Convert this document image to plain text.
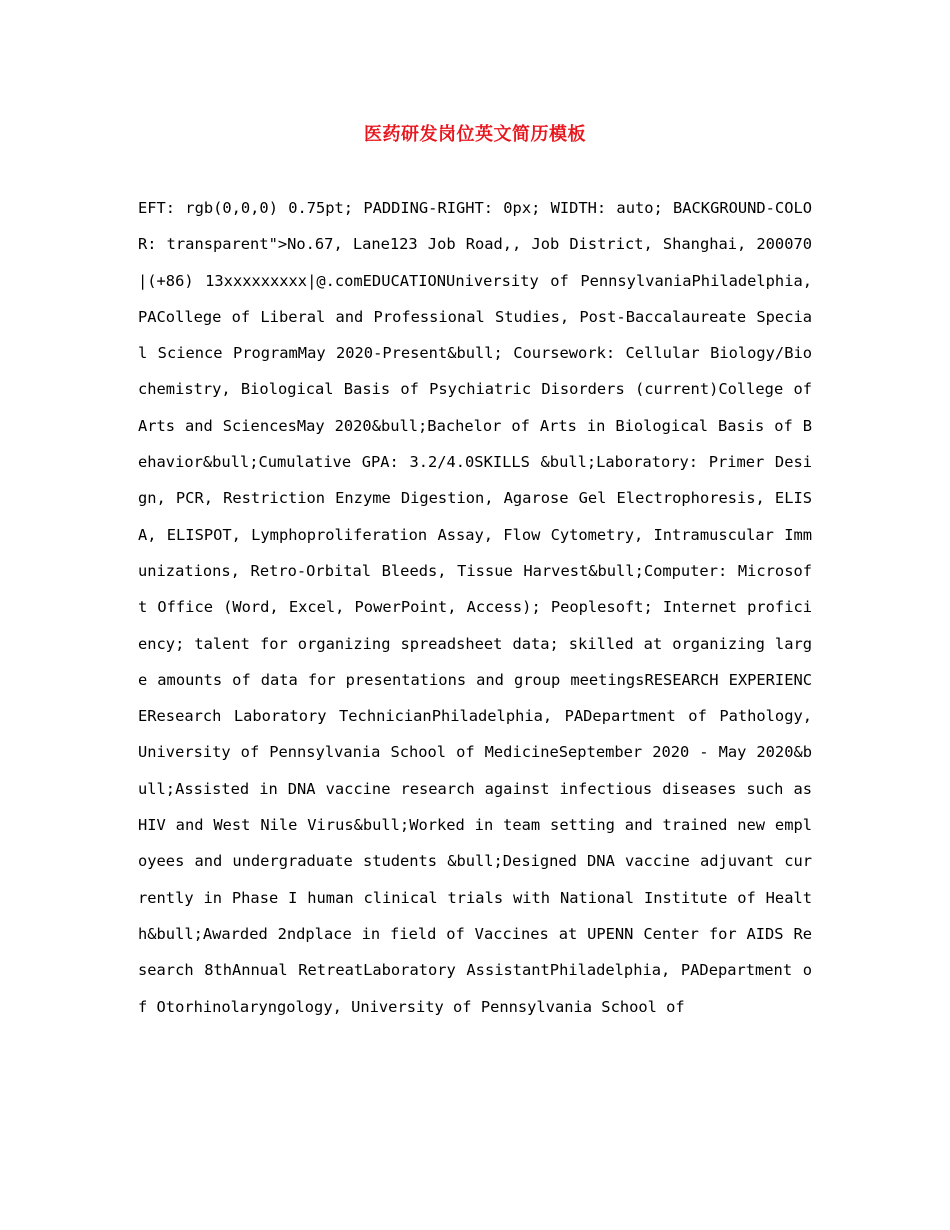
医药研发岗位英文简历模板
EFT: rgb(0,0,0) 0.75pt; PADDING-RIGHT: 0px; WIDTH: auto; BACKGROUND-COLOR: transparent">No.67, Lane123 Job Road,, Job District, Shanghai, 200070|(+86) 13xxxxxxxxx|@.comEDUCATIONUniversity of PennsylvaniaPhiladelphia, PACollege of Liberal and Professional Studies, Post-Baccalaureate Special Science ProgramMay 2020-Present&bull; Coursework: Cellular Biology/Biochemistry, Biological Basis of Psychiatric Disorders (current)College of Arts and SciencesMay 2020&bull;Bachelor of Arts in Biological Basis of Behavior&bull;Cumulative GPA: 3.2/4.0SKILLS &bull;Laboratory: Primer Design, PCR, Restriction Enzyme Digestion, Agarose Gel Electrophoresis, ELISA, ELISPOT, Lymphoproliferation Assay, Flow Cytometry, Intramuscular Immunizations, Retro-Orbital Bleeds, Tissue Harvest&bull;Computer: Microsoft Office (Word, Excel, PowerPoint, Access); Peoplesoft; Internet proficiency; talent for organizing spreadsheet data; skilled at organizing large amounts of data for presentations and group meetingsRESEARCH EXPERIENCEResearch Laboratory TechnicianPhiladelphia, PADepartment of Pathology, University of Pennsylvania School of MedicineSeptember 2020 - May 2020&bull;Assisted in DNA vaccine research against infectious diseases such as HIV and West Nile Virus&bull;Worked in team setting and trained new employees and undergraduate students &bull;Designed DNA vaccine adjuvant currently in Phase I human clinical trials with National Institute of Health&bull;Awarded 2ndplace in field of Vaccines at UPENN Center for AIDS Research 8thAnnual RetreatLaboratory AssistantPhiladelphia, PADepartment of Otorhinolaryngology, University of Pennsylvania School of
